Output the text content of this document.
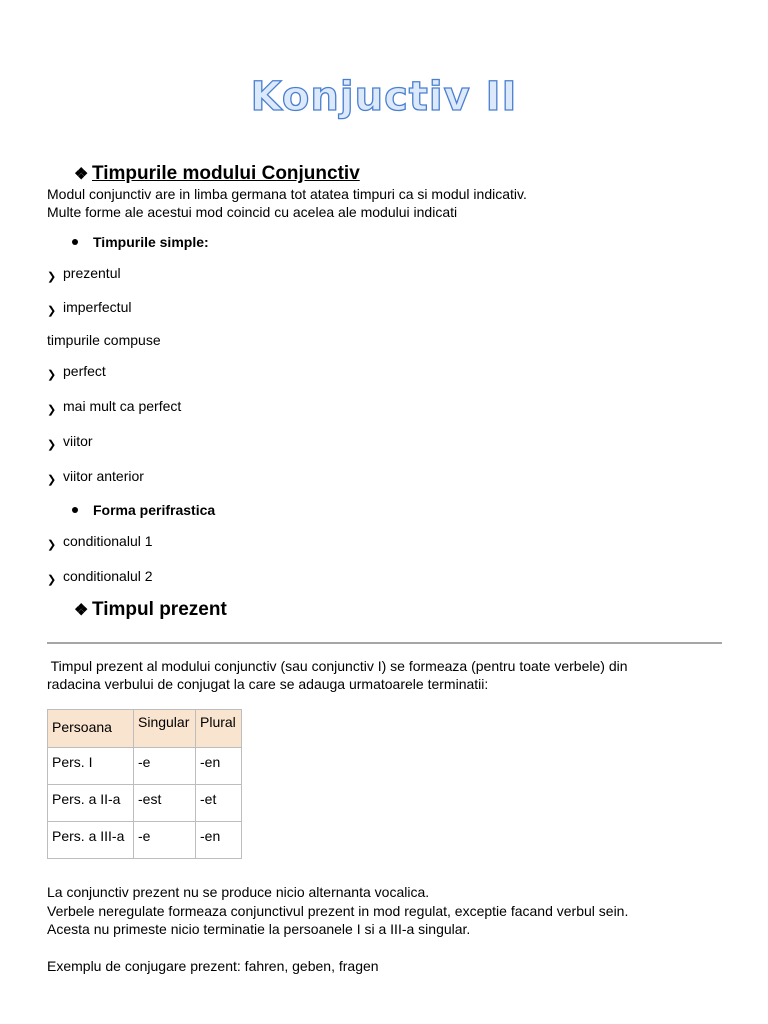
Konjuctiv II
❖ Timpurile modului Conjunctiv
Modul conjunctiv are in limba germana tot atatea timpuri ca si modul indicativ.
Multe forme ale acestui mod coincid cu acelea ale modului indicati
Timpurile simple:
❯ prezentul
❯ imperfectul
timpurile compuse
❯ perfect
❯ mai mult ca perfect
❯ viitor
❯ viitor anterior
Forma perifrastica
❯ conditionalul 1
❯ conditionalul 2
❖ Timpul prezent
Timpul prezent al modului conjunctiv (sau conjunctiv I) se formeaza (pentru toate verbele) din
radacina verbului de conjugat la care se adauga urmatoarele terminatii:
Persoana	Singular	Plural
Pers. I	-e	-en
Pers. a II-a	-est	-et
Pers. a III-a	-e	-en
La conjunctiv prezent nu se produce nicio alternanta vocalica.
Verbele neregulate formeaza conjunctivul prezent in mod regulat, exceptie facand verbul sein.
Acesta nu primeste nicio terminatie la persoanele I si a III-a singular.
Exemplu de conjugare prezent: fahren, geben, fragen
